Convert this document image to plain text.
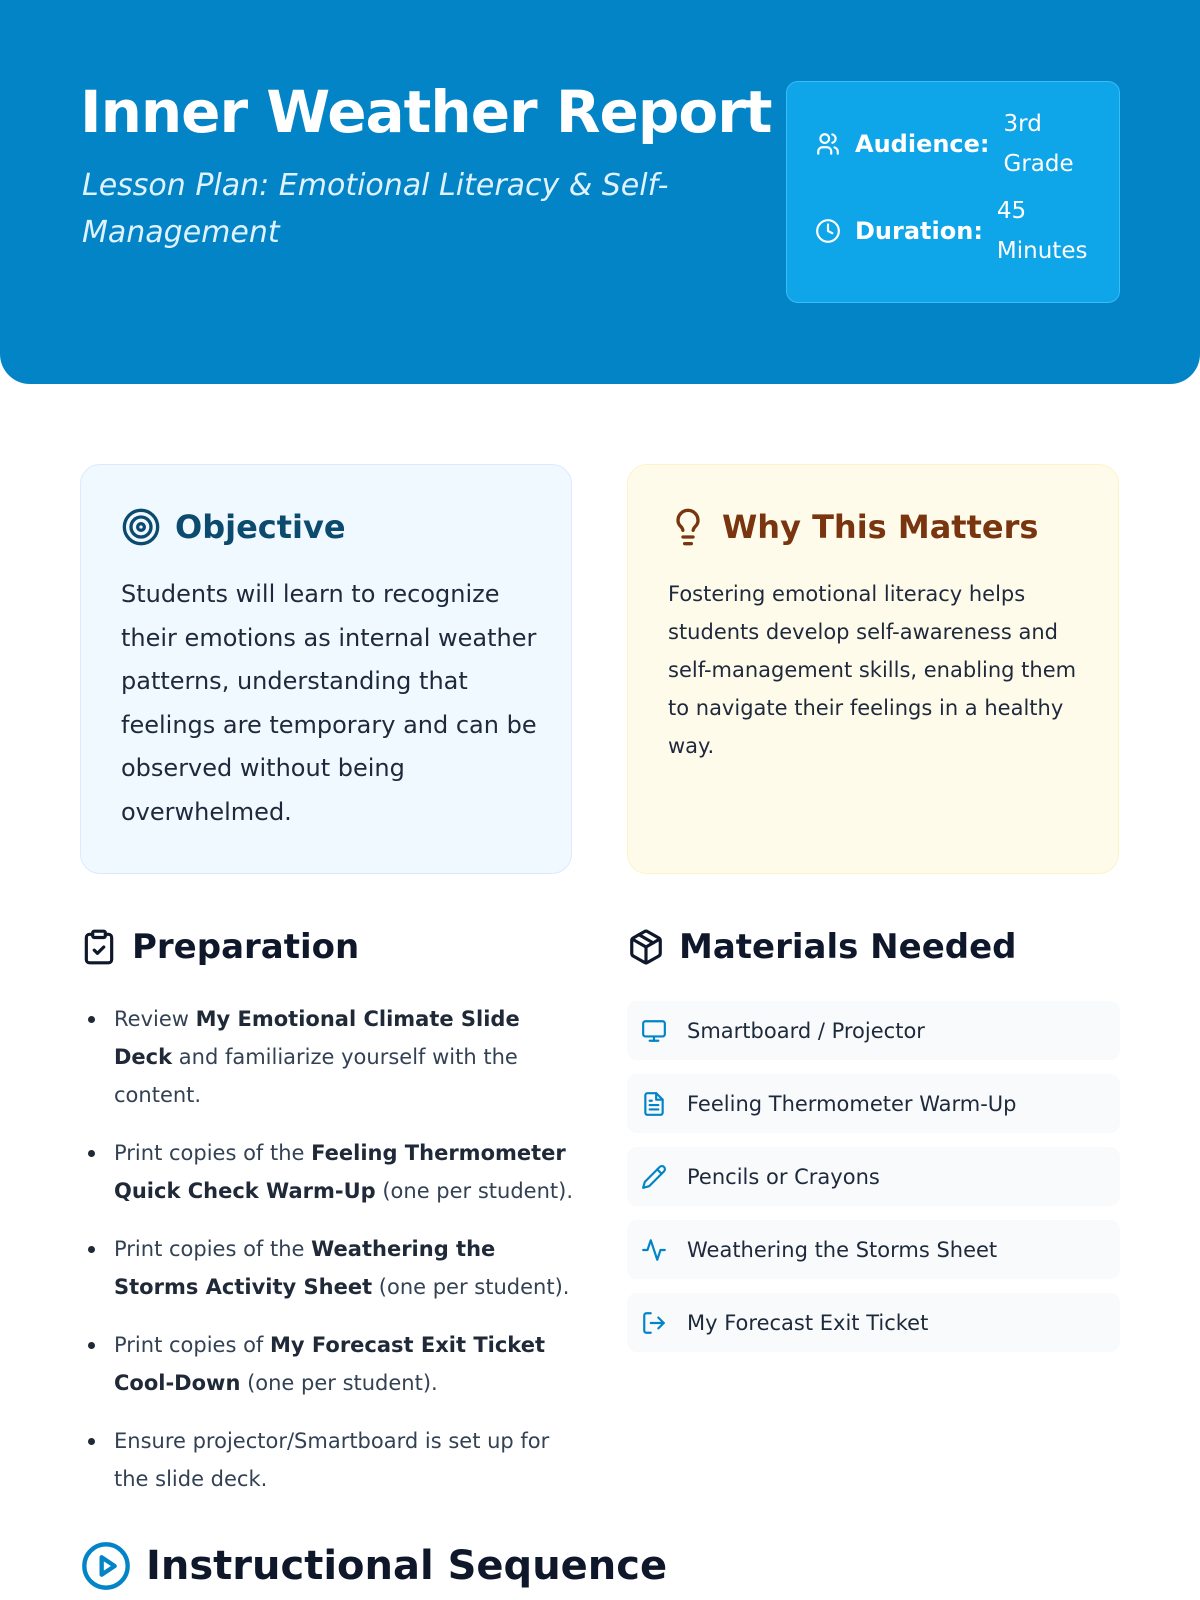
Inner Weather Report
Lesson Plan: Emotional Literacy & Self-Management
Audience:
3rd Grade
Duration:
45 Minutes
Objective

Students will learn to recognize their emotions as internal weather patterns, understanding that feelings are temporary and can be observed without being overwhelmed.

Why This Matters

Fostering emotional literacy helps students develop self-awareness and self-management skills, enabling them to navigate their feelings in a healthy way.

Preparation
Review My Emotional Climate Slide Deck and familiarize yourself with the content.
Print copies of the Feeling Thermometer Quick Check Warm-Up (one per student).
Print copies of the Weathering the Storms Activity Sheet (one per student).
Print copies of My Forecast Exit Ticket Cool-Down (one per student).
Ensure projector/Smartboard is set up for the slide deck.
Materials Needed
Smartboard / Projector
Feeling Thermometer Warm-Up
Pencils or Crayons
Weathering the Storms Sheet
My Forecast Exit Ticket
Instructional Sequence
